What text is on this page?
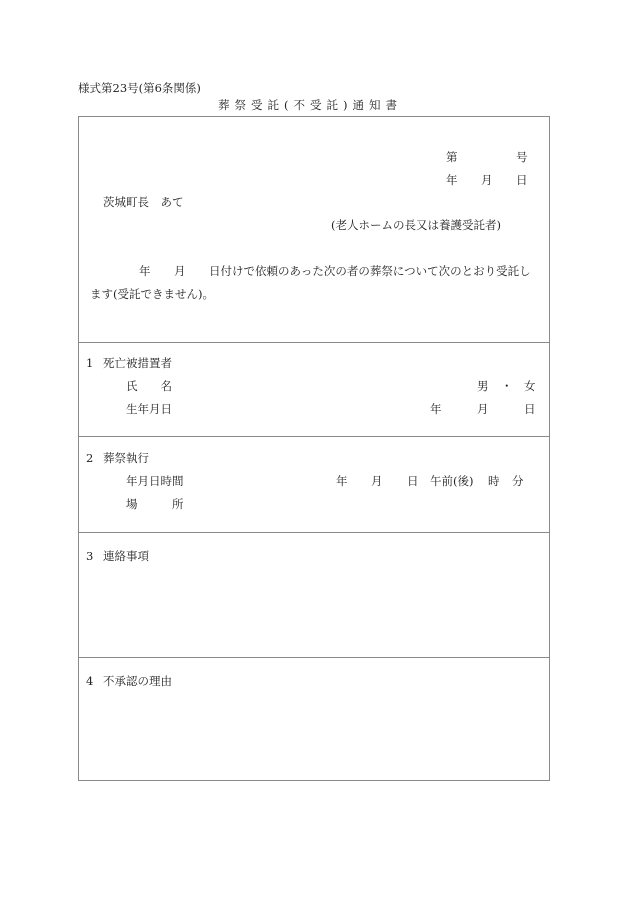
様式第23号(第6条関係)
葬祭受託(不受託)通知書
第	号
年 月 日
茨城町長　あて
(老人ホームの長又は養護受託者)
年 月 日付けで依頼のあった次の者の葬祭について次のとおり受託し
ます(受託できません)。
1 死亡被措置者
氏　　名	男 ・ 女
生年月日	年	月	日
2 葬祭執行
年月日時間	年 月 日 午前(後) 時 分
場　　　所
3 連絡事項
4 不承認の理由
